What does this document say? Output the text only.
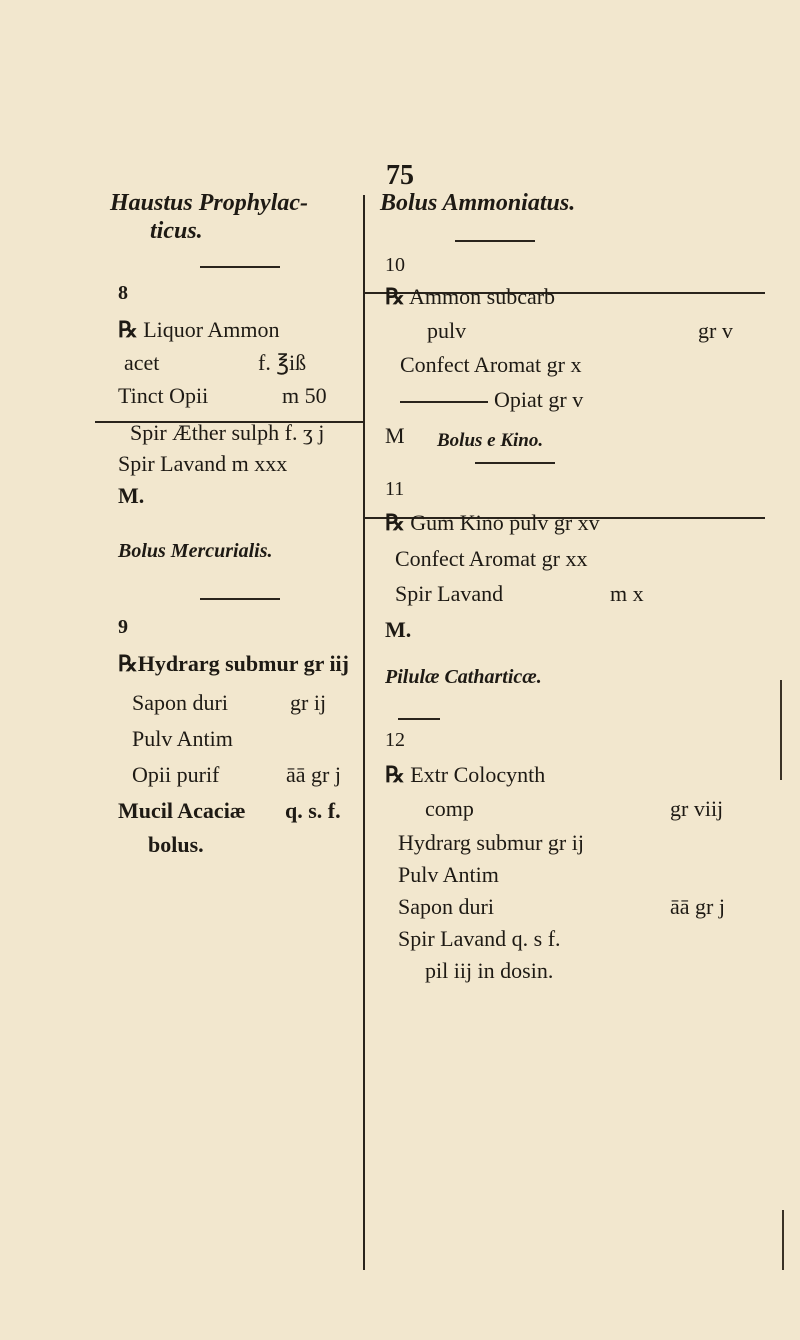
75
Haustus Prophylac-
ticus.
8
℞ Liquor Ammon
acet	f. ℥iß
Tinct Opii	m 50
Spir Æther sulph f. ʒ j
Spir Lavand m xxx
M.
Bolus Mercurialis.
9
℞Hydrarg submur gr iij
Sapon duri	gr ij
Pulv Antim
Opii purif	āā gr j
Mucil Acaciæ q. s. f.
bolus.
Bolus Ammoniatus.
10
℞ Ammon subcarb
pulv	gr v
Confect Aromat gr x
Opiat gr v
M Bolus e Kino.
11
℞ Gum Kino pulv gr xv
Confect Aromat gr xx
Spir Lavand	m x
M.
Pilulæ Catharticæ.
12
℞ Extr Colocynth
comp	gr viij
Hydrarg submur gr ij
Pulv Antim
Sapon duri	āā gr j
Spir Lavand q. s f.
pil iij in dosin.
